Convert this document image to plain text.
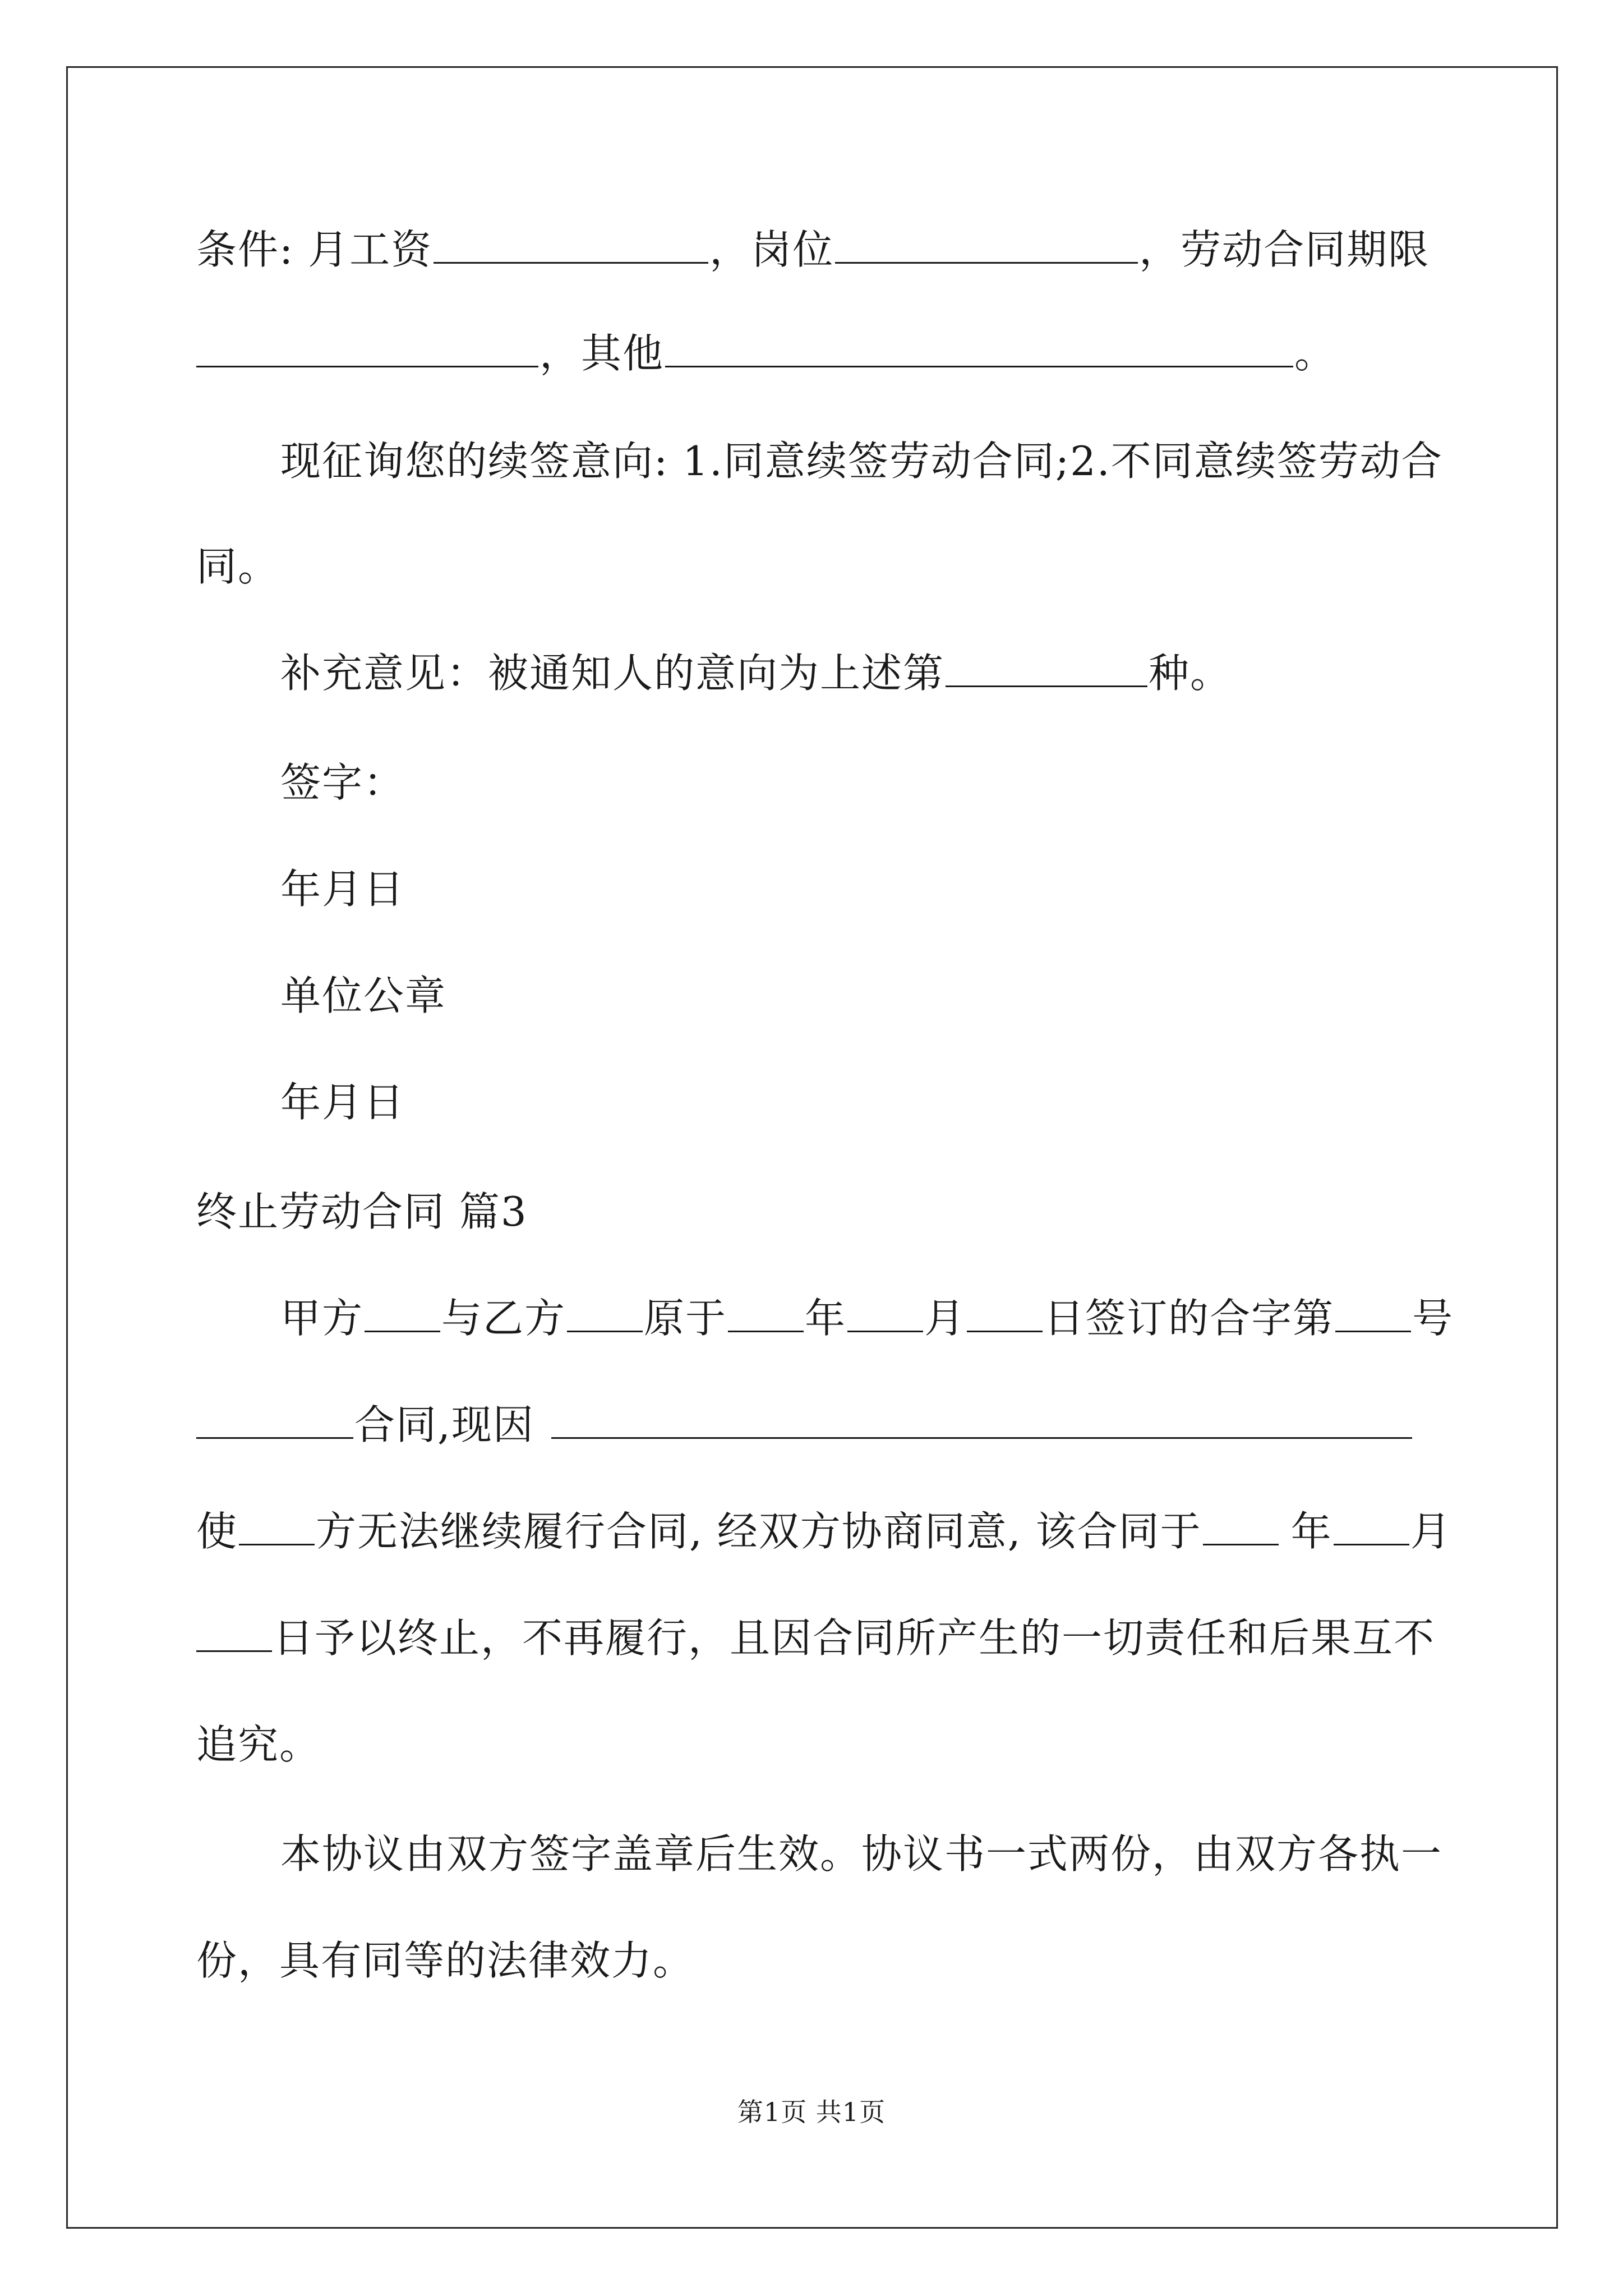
条件: 月工资	，岗位	，劳动合同期限
，其他	。
现征询您的续签意向: 1.同意续签劳动合同;2.不同意续签劳动合
同。
补充意见：被通知人的意向为上述第	种。
签字：
年月日
单位公章
年月日
终止劳动合同 篇3
甲方 与乙方 原于 年 月 日签订的合字第 号
合同,现因
使 方无法继续履行合同, 经双方协商同意, 该合同于 年 月
日予以终止，不再履行，且因合同所产生的一切责任和后果互不
追究。
本协议由双方签字盖章后生效。协议书一式两份，由双方各执一
份，具有同等的法律效力。
第1页 共1页
